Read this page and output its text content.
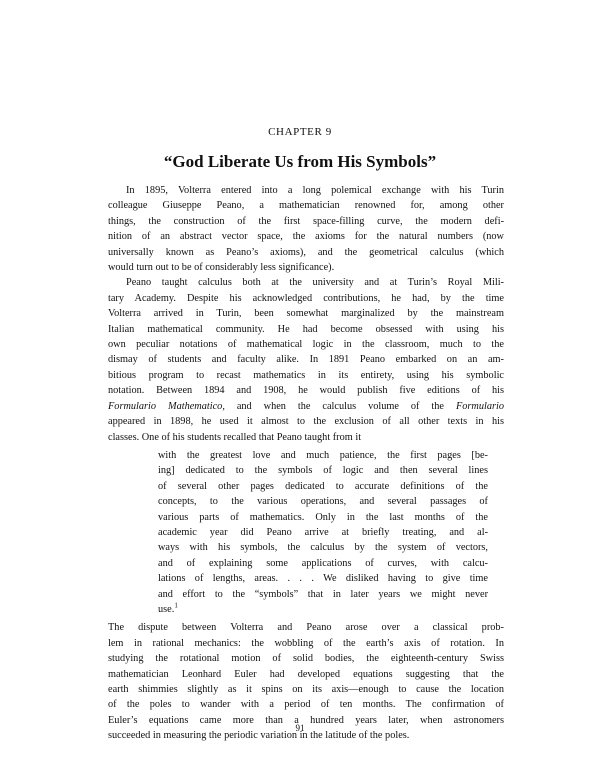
CHAPTER 9
“God Liberate Us from His Symbols”
In 1895, Volterra entered into a long polemical exchange with his Turin
colleague Giuseppe Peano, a mathematician renowned for, among other
things, the construction of the first space-filling curve, the modern defi-
nition of an abstract vector space, the axioms for the natural numbers (now
universally known as Peano’s axioms), and the geometrical calculus (which
would turn out to be of considerably less significance).
Peano taught calculus both at the university and at Turin’s Royal Mili-
tary Academy. Despite his acknowledged contributions, he had, by the time
Volterra arrived in Turin, been somewhat marginalized by the mainstream
Italian mathematical community. He had become obsessed with using his
own peculiar notations of mathematical logic in the classroom, much to the
dismay of students and faculty alike. In 1891 Peano embarked on an am-
bitious program to recast mathematics in its entirety, using his symbolic
notation. Between 1894 and 1908, he would publish five editions of his
Formulario Mathematico, and when the calculus volume of the Formulario
appeared in 1898, he used it almost to the exclusion of all other texts in his
classes. One of his students recalled that Peano taught from it
with the greatest love and much patience, the first pages [be-
ing] dedicated to the symbols of logic and then several lines
of several other pages dedicated to accurate definitions of the
concepts, to the various operations, and several passages of
various parts of mathematics. Only in the last months of the
academic year did Peano arrive at briefly treating, and al-
ways with his symbols, the calculus by the system of vectors,
and of explaining some applications of curves, with calcu-
lations of lengths, areas. . . . We disliked having to give time
and effort to the “symbols” that in later years we might never
use.$^1$
The dispute between Volterra and Peano arose over a classical prob-
lem in rational mechanics: the wobbling of the earth’s axis of rotation. In
studying the rotational motion of solid bodies, the eighteenth-century Swiss
mathematician Leonhard Euler had developed equations suggesting that the
earth shimmies slightly as it spins on its axis—enough to cause the location
of the poles to wander with a period of ten months. The confirmation of
Euler’s equations came more than a hundred years later, when astronomers
succeeded in measuring the periodic variation in the latitude of the poles.
91
